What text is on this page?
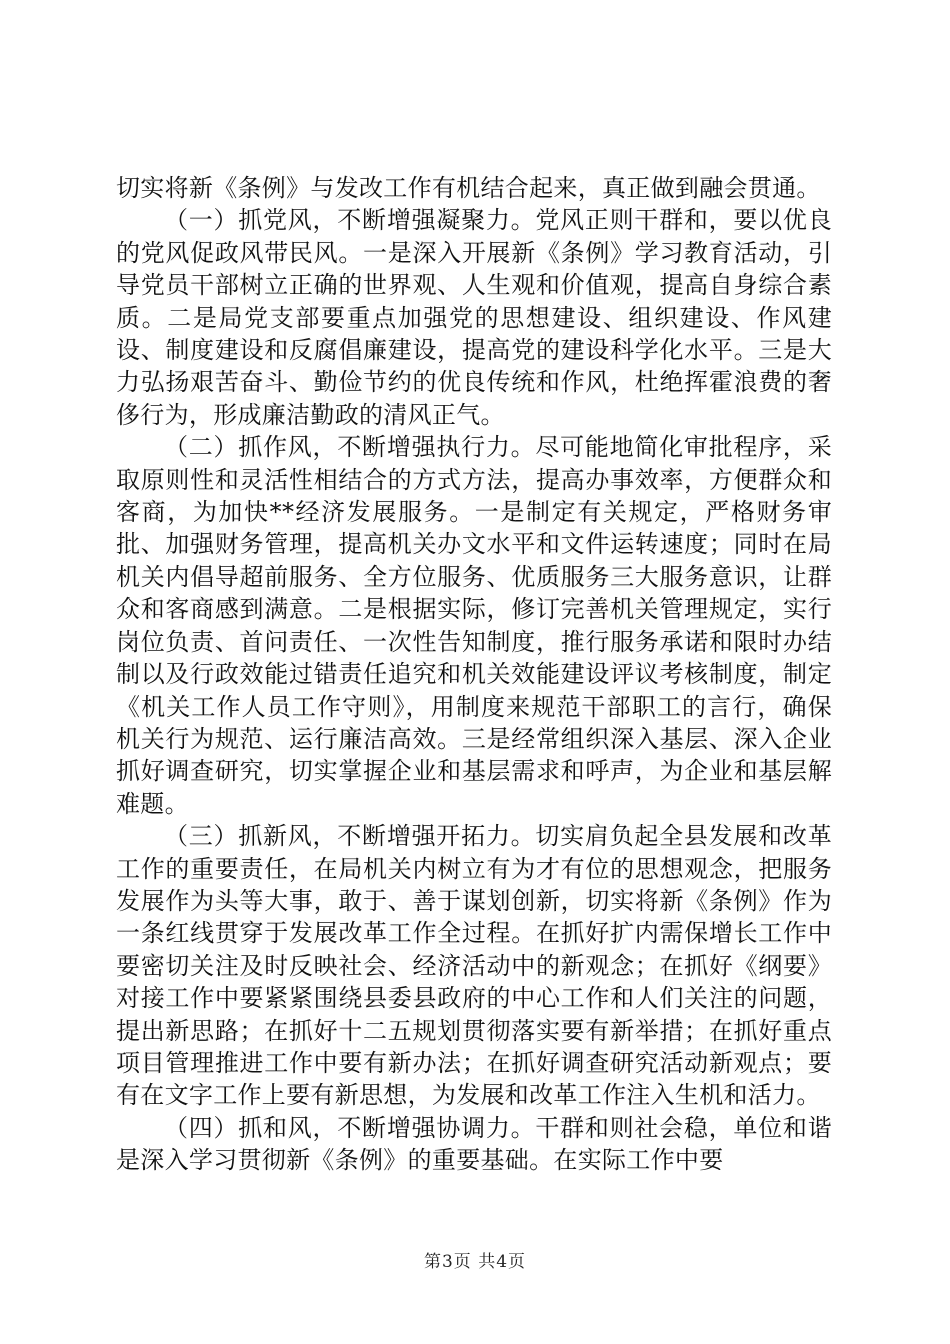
切实将新《条例》与发改工作有机结合起来，真正做到融会贯通。

（一）抓党风，不断增强凝聚力。党风正则干群和，要以优良的党风促政风带民风。一是深入开展新《条例》学习教育活动，引导党员干部树立正确的世界观、人生观和价值观，提高自身综合素质。二是局党支部要重点加强党的思想建设、组织建设、作风建设、制度建设和反腐倡廉建设，提高党的建设科学化水平。三是大力弘扬艰苦奋斗、勤俭节约的优良传统和作风，杜绝挥霍浪费的奢侈行为，形成廉洁勤政的清风正气。

（二）抓作风，不断增强执行力。尽可能地简化审批程序，采取原则性和灵活性相结合的方式方法，提高办事效率，方便群众和客商，为加快**经济发展服务。一是制定有关规定，严格财务审批、加强财务管理，提高机关办文水平和文件运转速度；同时在局机关内倡导超前服务、全方位服务、优质服务三大服务意识，让群众和客商感到满意。二是根据实际，修订完善机关管理规定，实行岗位负责、首问责任、一次性告知制度，推行服务承诺和限时办结制以及行政效能过错责任追究和机关效能建设评议考核制度，制定《机关工作人员工作守则》，用制度来规范干部职工的言行，确保机关行为规范、运行廉洁高效。三是经常组织深入基层、深入企业抓好调查研究，切实掌握企业和基层需求和呼声，为企业和基层解难题。

（三）抓新风，不断增强开拓力。切实肩负起全县发展和改革工作的重要责任，在局机关内树立有为才有位的思想观念，把服务发展作为头等大事，敢于、善于谋划创新，切实将新《条例》作为一条红线贯穿于发展改革工作全过程。在抓好扩内需保增长工作中要密切关注及时反映社会、经济活动中的新观念；在抓好《纲要》对接工作中要紧紧围绕县委县政府的中心工作和人们关注的问题，提出新思路；在抓好十二五规划贯彻落实要有新举措；在抓好重点项目管理推进工作中要有新办法；在抓好调查研究活动新观点；要有在文字工作上要有新思想，为发展和改革工作注入生机和活力。

（四）抓和风，不断增强协调力。干群和则社会稳，单位和谐是深入学习贯彻新《条例》的重要基础。在实际工作中要

第3页 共4页
